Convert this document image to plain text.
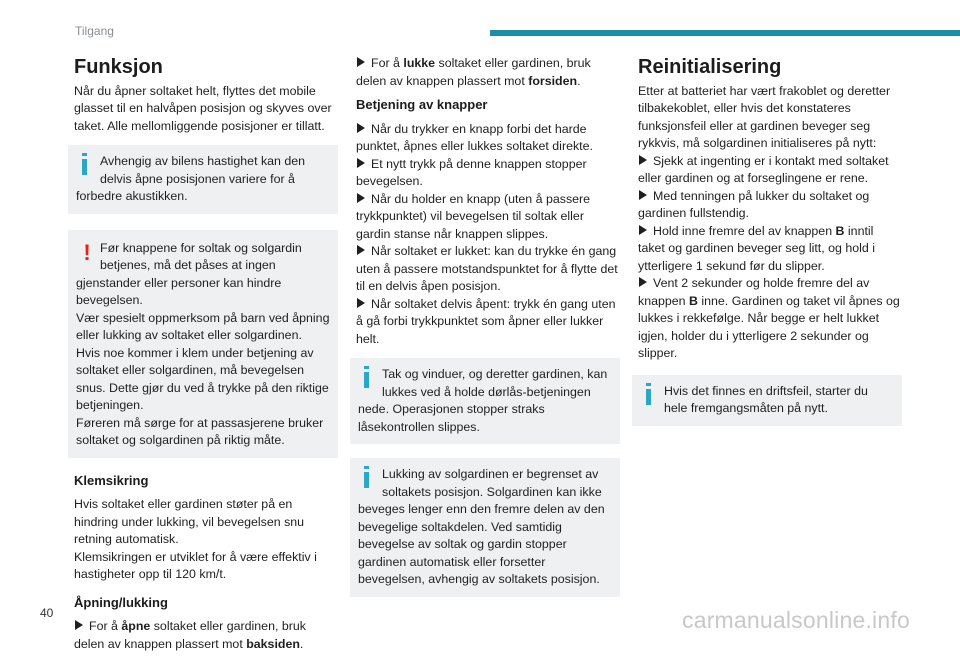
Tilgang
Funksjon

Når du åpner soltaket helt, flyttes det mobile glasset til en halvåpen posisjon og skyves over taket. Alle mellomliggende posisjoner er tillatt.

Avhengig av bilens hastighet kan den delvis åpne posisjonen variere for å forbedre akustikken.
! Før knappene for soltak og solgardin betjenes, må det påses at ingen gjenstander eller personer kan hindre bevegelsen.
Vær spesielt oppmerksom på barn ved åpning eller lukking av soltaket eller solgardinen.
Hvis noe kommer i klem under betjening av soltaket eller solgardinen, må bevegelsen snus. Dette gjør du ved å trykke på den riktige betjeningen.
Føreren må sørge for at passasjerene bruker soltaket og solgardinen på riktig måte.
Klemsikring

Hvis soltaket eller gardinen støter på en hindring under lukking, vil bevegelsen snu retning automatisk.
Klemsikringen er utviklet for å være effektiv i hastigheter opp til 120 km/t.

Åpning/lukking

For å åpne soltaket eller gardinen, bruk delen av knappen plassert mot baksiden.

For å lukke soltaket eller gardinen, bruk delen av knappen plassert mot forsiden.

Betjening av knapper

Når du trykker en knapp forbi det harde punktet, åpnes eller lukkes soltaket direkte.
Et nytt trykk på denne knappen stopper bevegelsen.
Når du holder en knapp (uten å passere trykkpunktet) vil bevegelsen til soltak eller gardin stanse når knappen slippes.
Når soltaket er lukket: kan du trykke én gang uten å passere motstandspunktet for å flytte det til en delvis åpen posisjon.
Når soltaket delvis åpent: trykk én gang uten å gå forbi trykkpunktet som åpner eller lukker helt.

Tak og vinduer, og deretter gardinen, kan lukkes ved å holde dørlås-betjeningen nede. Operasjonen stopper straks låsekontrollen slippes.
Lukking av solgardinen er begrenset av soltakets posisjon. Solgardinen kan ikke beveges lenger enn den fremre delen av den bevegelige soltakdelen. Ved samtidig bevegelse av soltak og gardin stopper gardinen automatisk eller forsetter bevegelsen, avhengig av soltakets posisjon.
Reinitialisering

Etter at batteriet har vært frakoblet og deretter tilbakekoblet, eller hvis det konstateres funksjonsfeil eller at gardinen beveger seg rykkvis, må solgardinen initialiseres på nytt:
Sjekk at ingenting er i kontakt med soltaket eller gardinen og at forseglingene er rene.
Med tenningen på lukker du soltaket og gardinen fullstendig.
Hold inne fremre del av knappen B inntil taket og gardinen beveger seg litt, og hold i ytterligere 1 sekund før du slipper.
Vent 2 sekunder og holde fremre del av knappen B inne. Gardinen og taket vil åpnes og lukkes i rekkefølge. Når begge er helt lukket igjen, holder du i ytterligere 2 sekunder og slipper.

Hvis det finnes en driftsfeil, starter du hele fremgangsmåten på nytt.
40	carmanualsonline.info
